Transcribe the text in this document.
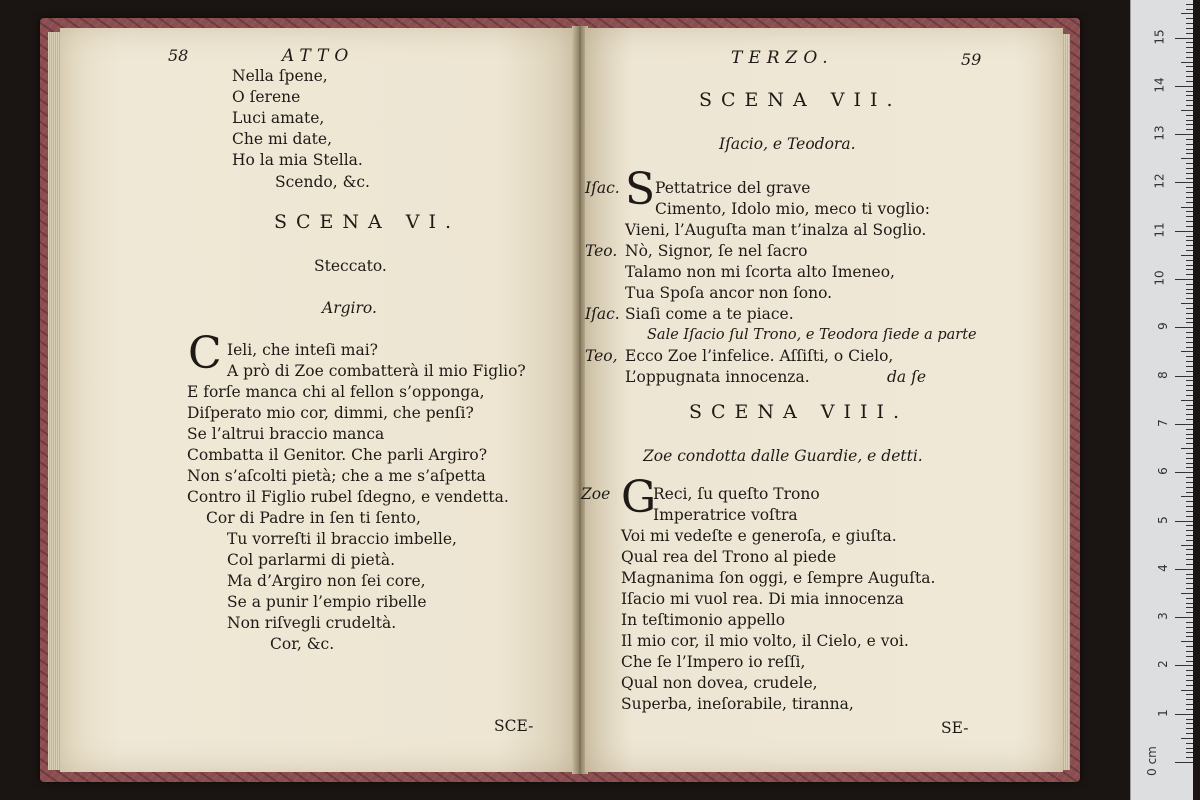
58	ATTO
Nella ſpene,
O ſerene
Luci amate,
Che mi date,
Ho la mia Stella.
Scendo, &c.
SCENA VI.
Steccato.
Argiro.
C Ieli, che inteſi mai?
A prò di Zoe combatterà il mio Figlio?
E forſe manca chi al fellon s’oppongа,
Diſperato mio cor, dimmi, che penſi?
Se l’altrui braccio manca
Combatta il Genitor. Che parli Argiro?
Non s’aſcolti pietà; che a me s’aſpetta
Contro il Figlio rubel ſdegno, e vendetta.
Cor di Padre in ſen ti ſento,
Tu vorreſti il braccio imbelle,
Col parlarmi di pietà.
Ma d’Argiro non ſei core,
Se a punir l’empio ribelle
Non riſvegli crudeltà.
Cor, &c.
SCE-
TERZO.	59
SCENA VII.
Iſacio, e Teodora.
Iſac. S Pettatrice del grave
Cimento, Idolo mio, meco ti voglio:
Vieni, l’Auguſta man t’inalza al Soglio.
Teo. Nò, Signor, ſe nel ſacro
Talamo non mi ſcorta alto Imeneo,
Tua Spoſa ancor non ſono.
Iſac. Siaſi come a te piace.
Sale Iſacio ſul Trono, e Teodora ſiede a parte
Teo, Ecco Zoe l’infelice. Aſſiſti, o Cielo,
L’oppugnata innocenza.	da ſe
SCENA VIII.
Zoe condotta dalle Guardie, e detti.
Zoe G
Reci, ſu queſto Trono
Imperatrice voſtra
Voi mi vedeſte e generoſa, e giuſta.
Qual rea del Trono al piede
Magnanima ſon oggi, e ſempre Auguſta.
Iſacio mi vuol rea. Di mia innocenza
In teſtimonio appello
Il mio cor, il mio volto, il Cielo, e voi.
Che ſe l’Impero io reſſi,
Qual non dovea, crudele,
Superba, ineſorabile, tiranna,
SE-
0 cm
1
2
3
4
5
6
7
8
9
10
11
12
13
14
15
